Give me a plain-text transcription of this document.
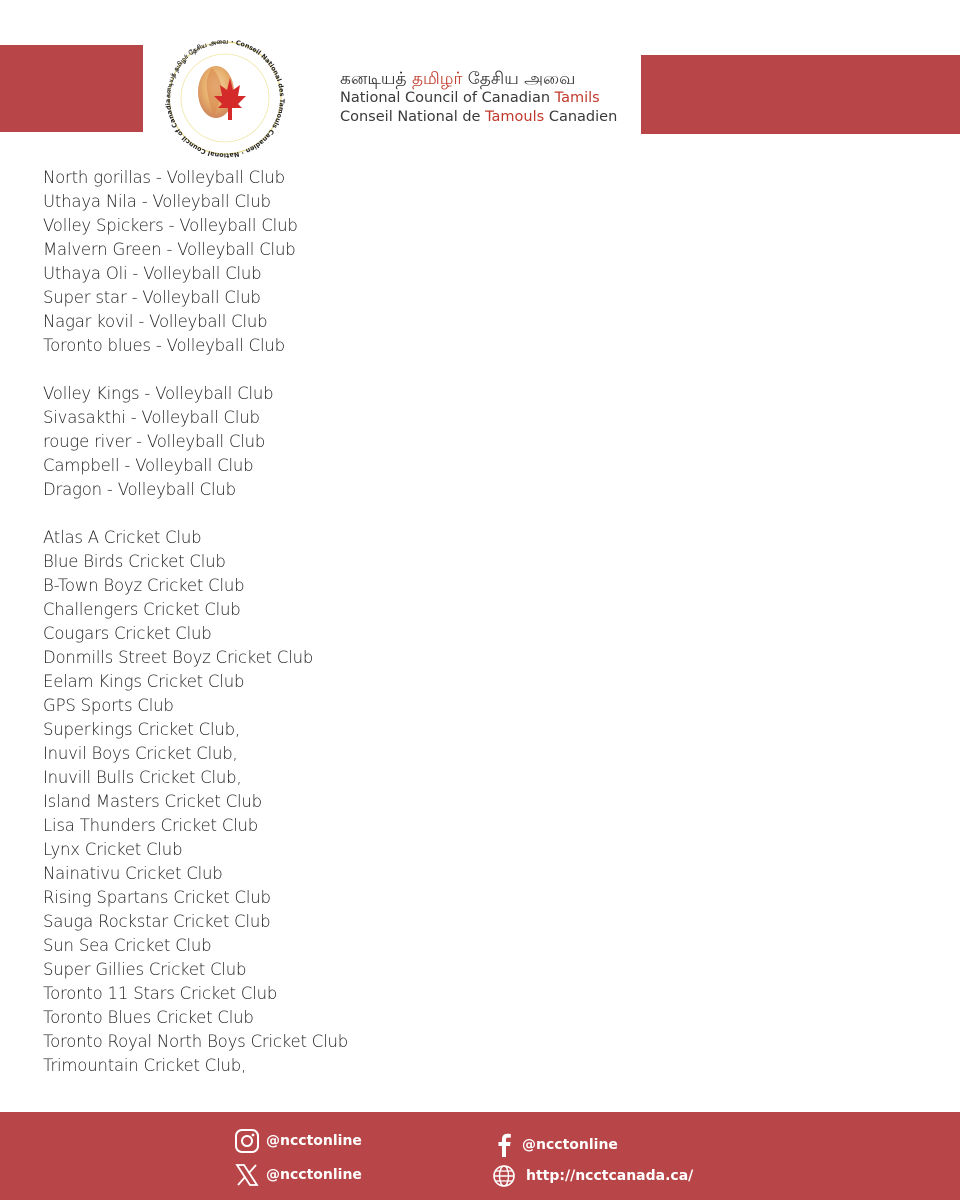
கனடியத் தமிழர் தேசிய அவை · Conseil National des Tamouls Canadien · National Council of Canadia
கனடியத் தமிழர் தேசிய அவை
National Council of Canadian Tamils
Conseil National de Tamouls Canadien
North gorillas - Volleyball Club
Uthaya Nila - Volleyball Club
Volley Spickers - Volleyball Club
Malvern Green - Volleyball Club
Uthaya Oli - Volleyball Club
Super star - Volleyball Club
Nagar kovil - Volleyball Club
Toronto blues - Volleyball Club
Volley Kings - Volleyball Club
Sivasakthi - Volleyball Club
rouge river - Volleyball Club
Campbell - Volleyball Club
Dragon - Volleyball Club
Atlas A Cricket Club
Blue Birds Cricket Club
B-Town Boyz Cricket Club
Challengers Cricket Club
Cougars Cricket Club
Donmills Street Boyz Cricket Club
Eelam Kings Cricket Club
GPS Sports Club
Superkings Cricket Club,
Inuvil Boys Cricket Club,
Inuvill Bulls Cricket Club,
Island Masters Cricket Club
Lisa Thunders Cricket Club
Lynx Cricket Club
Nainativu Cricket Club
Rising Spartans Cricket Club
Sauga Rockstar Cricket Club
Sun Sea Cricket Club
Super Gillies Cricket Club
Toronto 11 Stars Cricket Club
Toronto Blues Cricket Club
Toronto Royal North Boys Cricket Club
Trimountain Cricket Club,
@ncctonline
@ncctonline
@ncctonline
http://ncctcanada.ca/
